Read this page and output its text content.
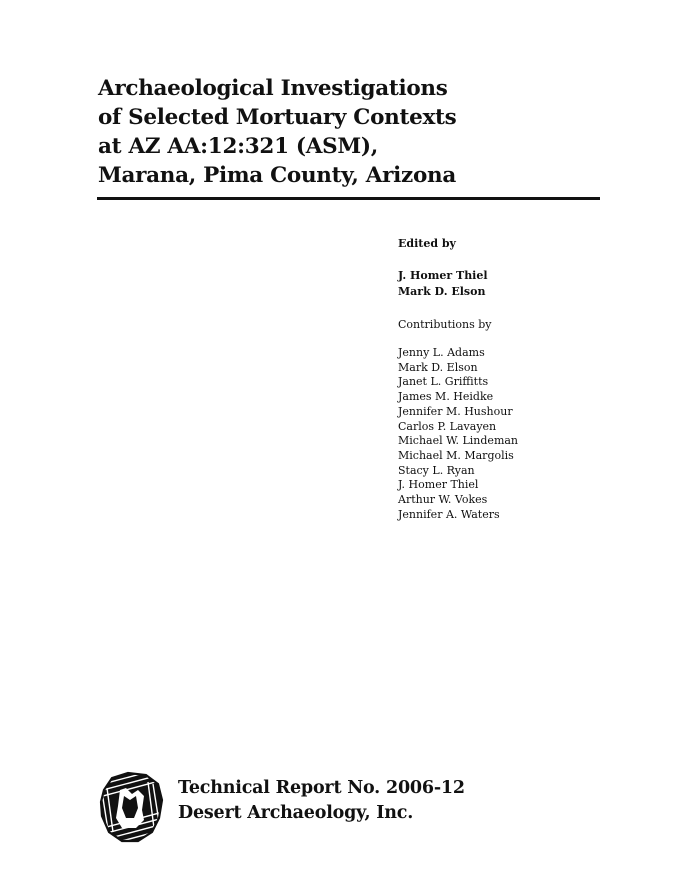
Archaeological Investigations
of Selected Mortuary Contexts
at AZ AA:12:321 (ASM),
Marana, Pima County, Arizona
Edited by
J. Homer Thiel
Mark D. Elson
Contributions by
Jenny L. Adams
Mark D. Elson
Janet L. Griffitts
James M. Heidke
Jennifer M. Hushour
Carlos P. Lavayen
Michael W. Lindeman
Michael M. Margolis
Stacy L. Ryan
J. Homer Thiel
Arthur W. Vokes
Jennifer A. Waters
Technical Report No. 2006-12
Desert Archaeology, Inc.
